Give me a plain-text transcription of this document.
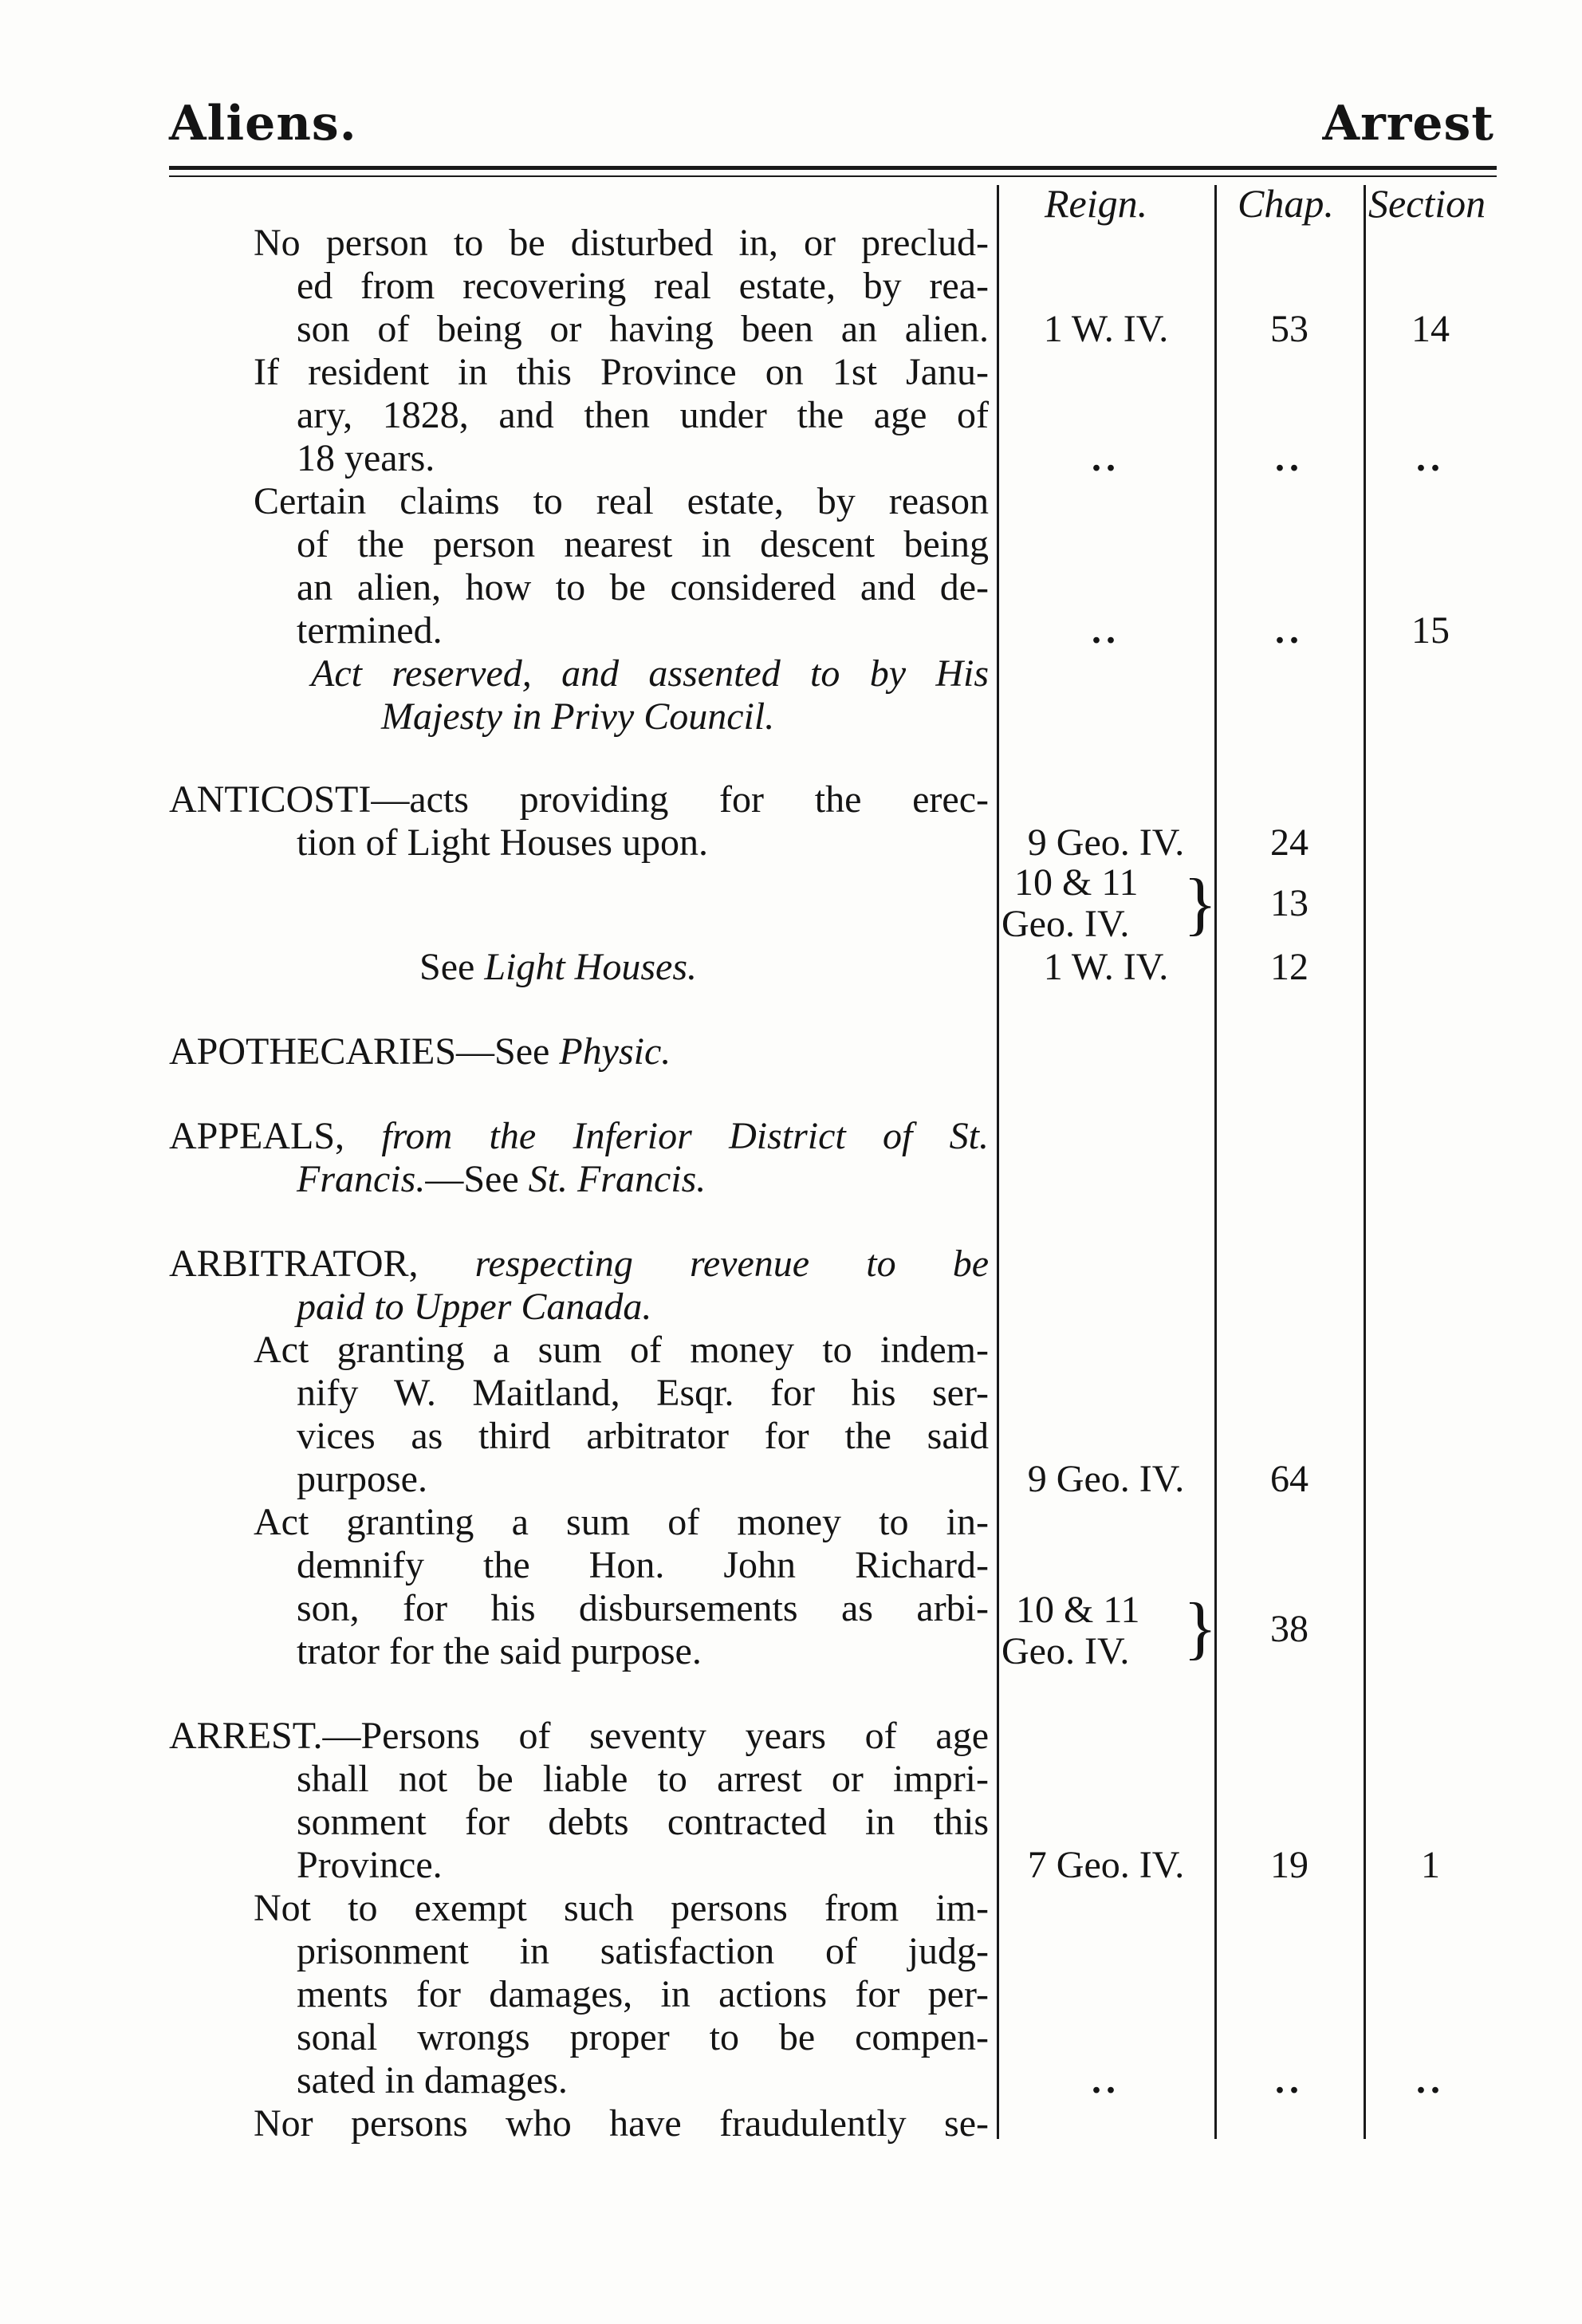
Aliens.	Arrest
Reign. Chap. Section
No person to be disturbed in, or preclud-
ed from recovering real estate, by rea-
son of being or having been an alien.	1 W. IV.	53	14
If resident in this Province on 1st Janu-
ary, 1828, and then under the age of
18 years.	..	..	..
Certain claims to real estate, by reason
of the person nearest in descent being
an alien, how to be considered and de-
termined.	..	..	15
Act reserved, and assented to by His
Majesty in Privy Council.
ANTICOSTI—acts providing for the erec-
tion of Light Houses upon.	9 Geo. IV.	24
10 & 11
Geo. IV. }	13
See Light Houses.	1 W. IV.	12
APOTHECARIES—See Physic.
APPEALS, from the Inferior District of St.
Francis.—See St. Francis.
ARBITRATOR, respecting revenue to be
paid to Upper Canada.
Act granting a sum of money to indem-
nify W. Maitland, Esqr. for his ser-
vices as third arbitrator for the said
purpose.	9 Geo. IV.	64
Act granting a sum of money to in-
demnify the Hon. John Richard-
son, for his disbursements as arbi-
trator for the said purpose.
10 & 11
Geo. IV. }	38
ARREST.—Persons of seventy years of age
shall not be liable to arrest or impri-
sonment for debts contracted in this
Province.	7 Geo. IV.	19	1
Not to exempt such persons from im-
prisonment in satisfaction of judg-
ments for damages, in actions for per-
sonal wrongs proper to be compen-
sated in damages.	..	..	..
Nor persons who have fraudulently se-
